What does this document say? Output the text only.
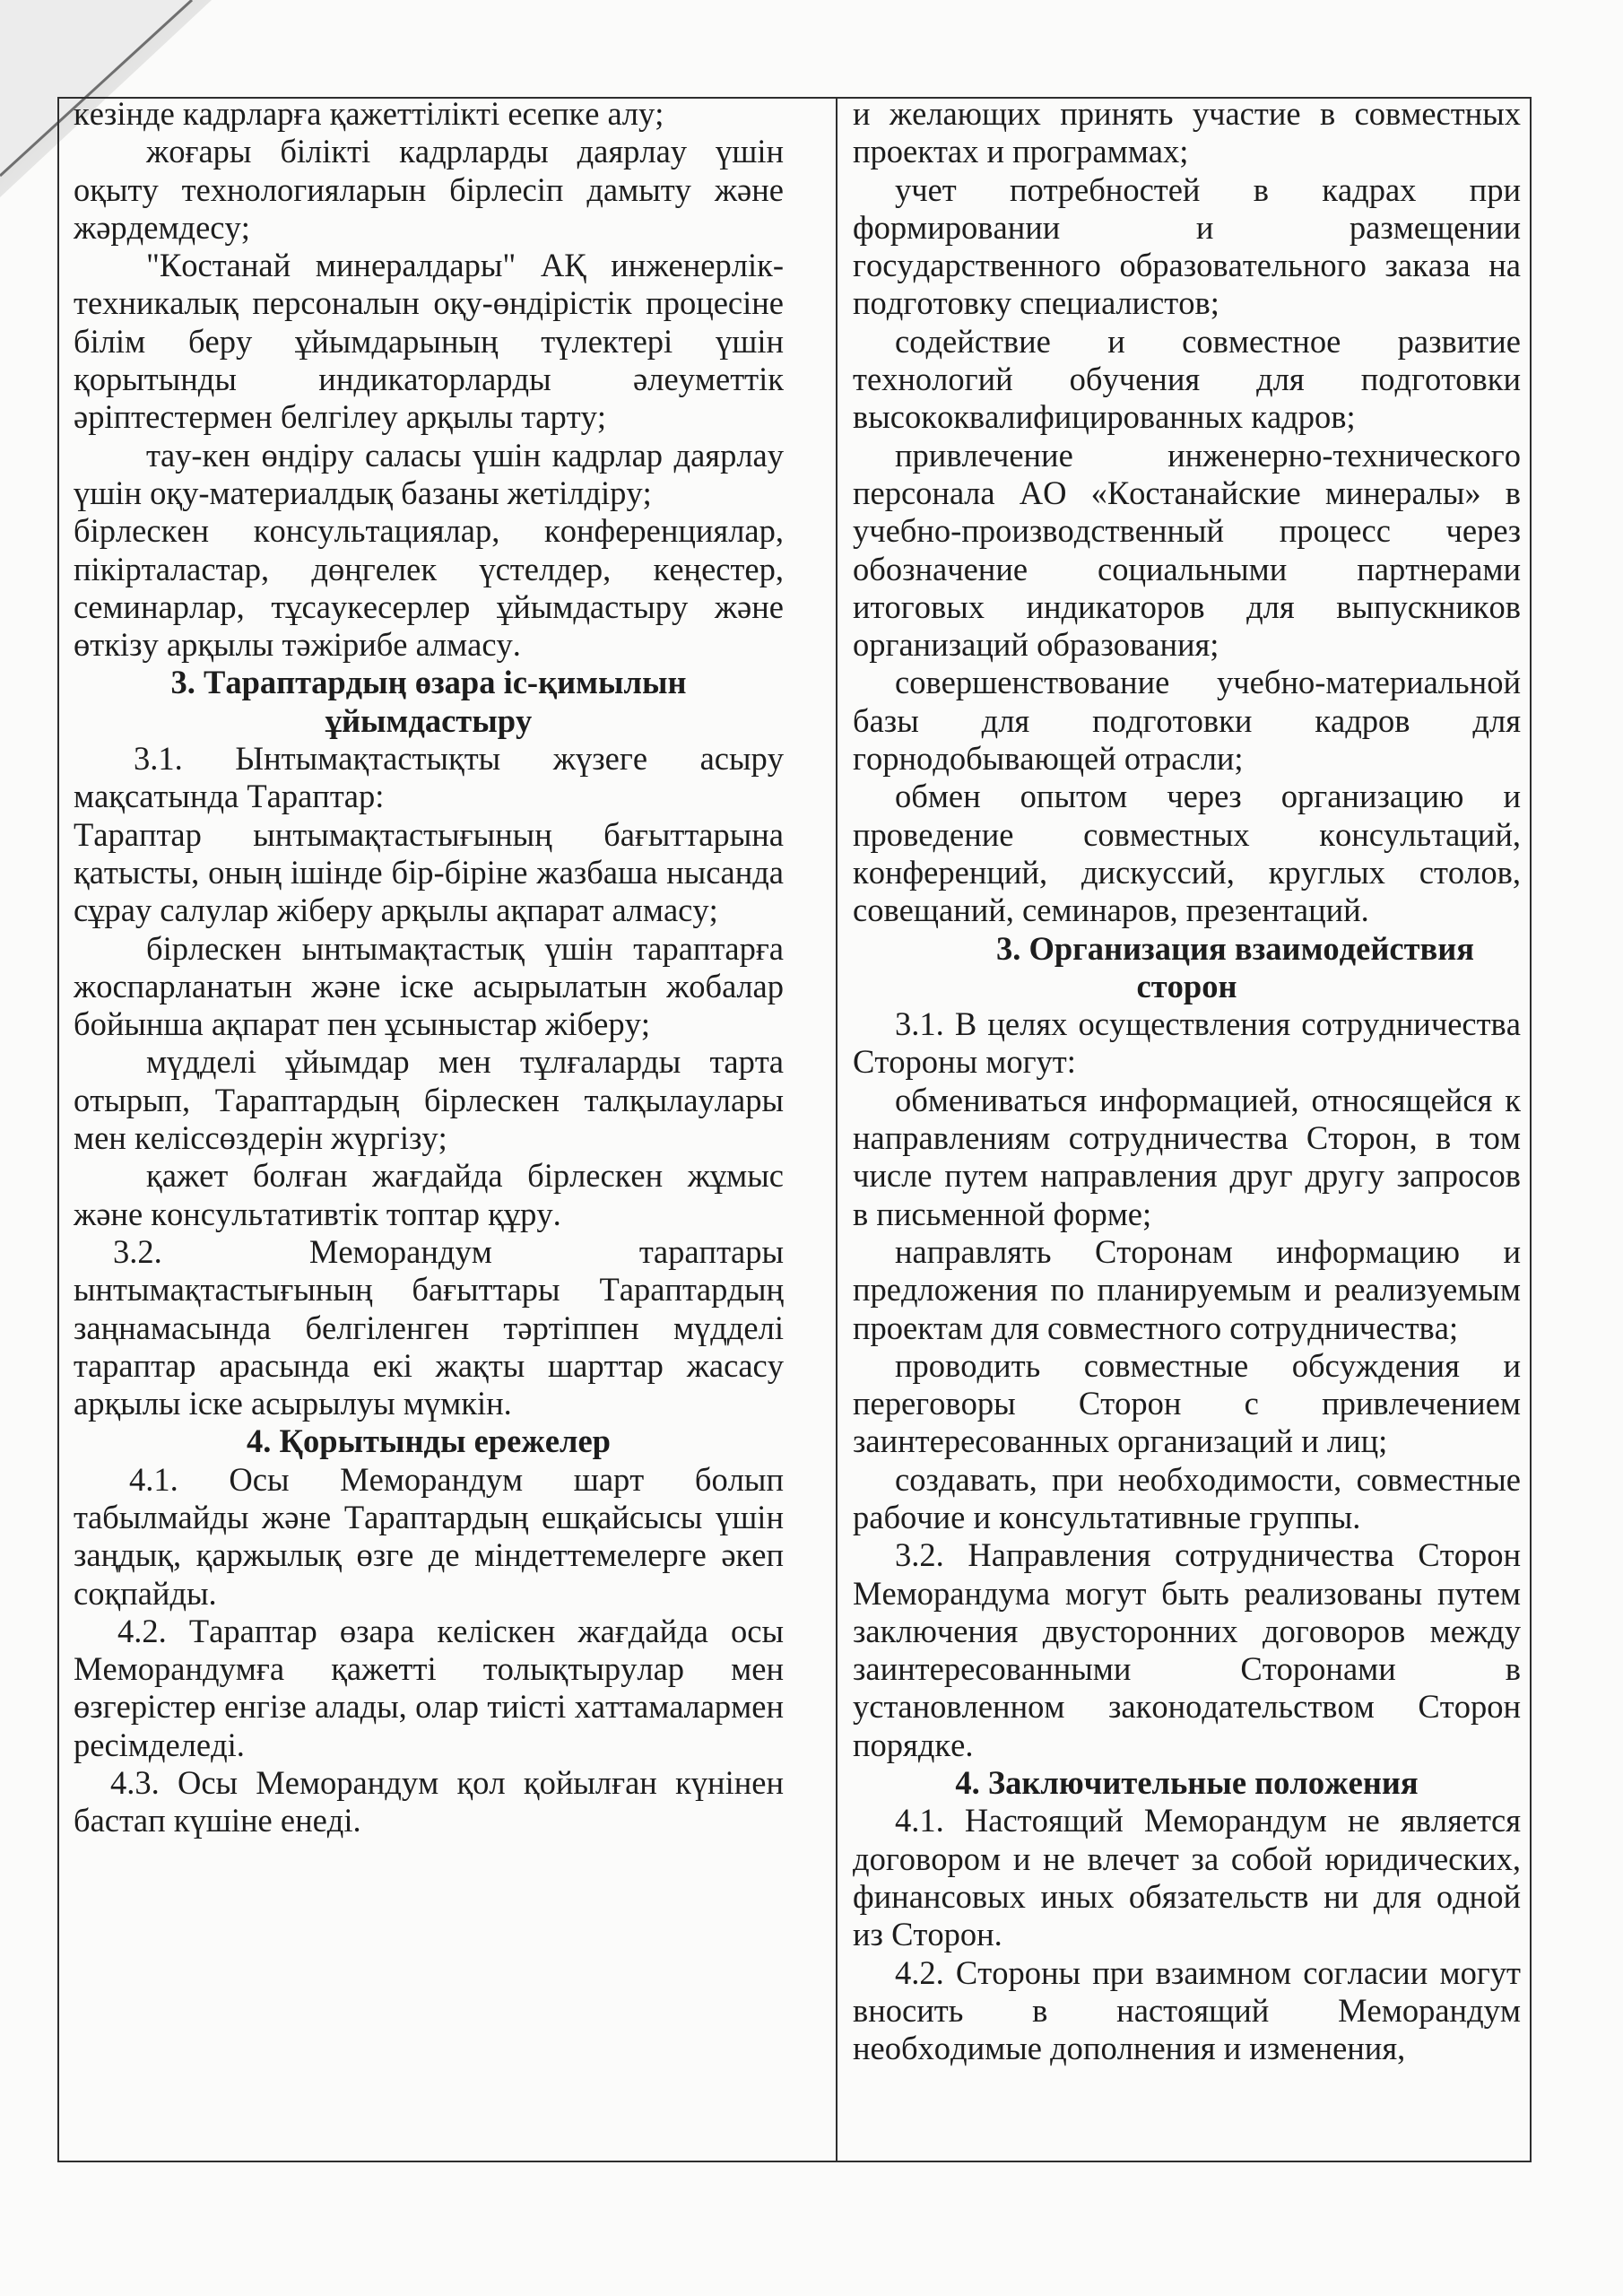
кезінде кадрларға қажеттілікті есепке алу;

жоғары білікті кадрларды даярлау үшін оқыту технологияларын бірлесіп дамыту және жәрдемдесу;

"Костанай минералдары" АҚ инженерлік-техникалық персоналын оқу-өндірістік процесіне білім беру ұйымдарының түлектері үшін қорытынды индикаторларды әлеуметтік әріптестермен белгілеу арқылы тарту;

тау-кен өндіру саласы үшін кадрлар даярлау үшін оқу-материалдық базаны жетілдіру;

бірлескен консультациялар, конференциялар, пікірталастар, дөңгелек үстелдер, кеңестер, семинарлар, тұсаукесерлер ұйымдастыру және өткізу арқылы тәжірибе алмасу.

3. Тараптардың өзара іс-қимылын ұйымдастыру

3.1. Ынтымақтастықты жүзеге асыру мақсатында Тараптар:

Тараптар ынтымақтастығының бағыттарына қатысты, оның ішінде бір-біріне жазбаша нысанда сұрау салулар жіберу арқылы ақпарат алмасу;

бірлескен ынтымақтастық үшін тараптарға жоспарланатын және іске асырылатын жобалар бойынша ақпарат пен ұсыныстар жіберу;

мүдделі ұйымдар мен тұлғаларды тарта отырып, Тараптардың бірлескен талқылаулары мен келіссөздерін жүргізу;

қажет болған жағдайда бірлескен жұмыс және консультативтік топтар құру.

3.2. Меморандум тараптары ынтымақтастығының бағыттары Тараптардың заңнамасында белгіленген тәртіппен мүдделі тараптар арасында екі жақты шарттар жасасу арқылы іске асырылуы мүмкін.

4. Қорытынды ережелер

4.1. Осы Меморандум шарт болып табылмайды және Тараптардың ешқайсысы үшін заңдық, қаржылық өзге де міндеттемелерге әкеп соқпайды.

4.2. Тараптар өзара келіскен жағдайда осы Меморандумға қажетті толықтырулар мен өзгерістер енгізе алады, олар тиісті хаттамалармен ресімделеді.

4.3. Осы Меморандум қол қойылған күнінен бастап күшіне енеді.

и желающих принять участие в совместных проектах и программах;

учет потребностей в кадрах при формировании и размещении государственного образовательного заказа на подготовку специалистов;

содействие и совместное развитие технологий обучения для подготовки высококвалифицированных кадров;

привлечение инженерно-технического персонала АО «Костанайские минералы» в учебно-производственный процесс через обозначение социальными партнерами итоговых индикаторов для выпускников организаций образования;

совершенствование учебно-материальной базы для подготовки кадров для горнодобывающей отрасли;

обмен опытом через организацию и проведение совместных консультаций, конференций, дискуссий, круглых столов, совещаний, семинаров, презентаций.

3. Организация взаимодействия сторон

3.1. В целях осуществления сотрудничества Стороны могут:

обмениваться информацией, относящейся к направлениям сотрудничества Сторон, в том числе путем направления друг другу запросов в письменной форме;

направлять Сторонам информацию и предложения по планируемым и реализуемым проектам для совместного сотрудничества;

проводить совместные обсуждения и переговоры Сторон с привлечением заинтересованных организаций и лиц;

создавать, при необходимости, совместные рабочие и консультативные группы.

3.2. Направления сотрудничества Сторон Меморандума могут быть реализованы путем заключения двусторонних договоров между заинтересованными Сторонами в установленном законодательством Сторон порядке.

4. Заключительные положения

4.1. Настоящий Меморандум не является договором и не влечет за собой юридических, финансовых иных обязательств ни для одной из Сторон.

4.2. Стороны при взаимном согласии могут вносить в настоящий Меморандум необходимые дополнения и изменения,
